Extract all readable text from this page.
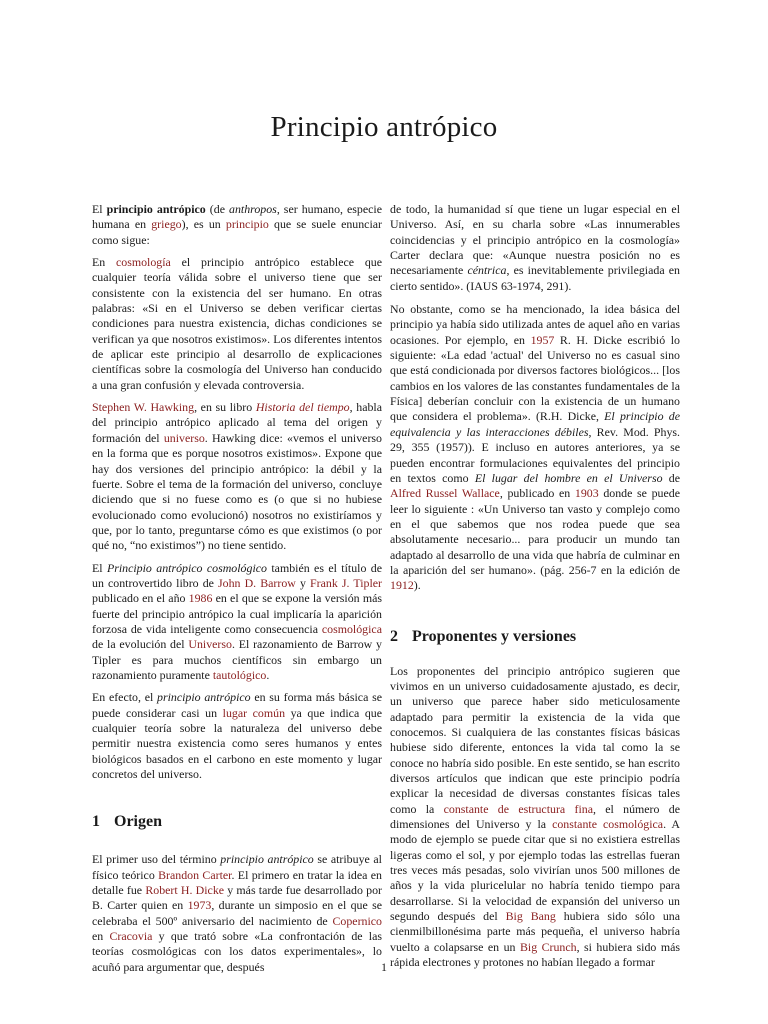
Principio antrópico

El principio antrópico (de anthropos, ser humano, especie humana en griego), es un principio que se suele enunciar como sigue:

En cosmología el principio antrópico establece que cualquier teoría válida sobre el universo tiene que ser consistente con la existencia del ser humano. En otras palabras: «Si en el Universo se deben verificar ciertas condiciones para nuestra existencia, dichas condiciones se verifican ya que nosotros existimos». Los diferentes intentos de aplicar este principio al desarrollo de explicaciones científicas sobre la cosmología del Universo han conducido a una gran confusión y elevada controversia.

Stephen W. Hawking, en su libro Historia del tiempo, habla del principio antrópico aplicado al tema del origen y formación del universo. Hawking dice: «vemos el universo en la forma que es porque nosotros existimos». Expone que hay dos versiones del principio antrópico: la débil y la fuerte. Sobre el tema de la formación del universo, concluye diciendo que si no fuese como es (o que si no hubiese evolucionado como evolucionó) nosotros no existiríamos y que, por lo tanto, preguntarse cómo es que existimos (o por qué no, “no existimos”) no tiene sentido.

El Principio antrópico cosmológico también es el título de un controvertido libro de John D. Barrow y Frank J. Tipler publicado en el año 1986 en el que se expone la versión más fuerte del principio antrópico la cual implicaría la aparición forzosa de vida inteligente como consecuencia cosmológica de la evolución del Universo. El razonamiento de Barrow y Tipler es para muchos científicos sin embargo un razonamiento puramente tautológico.

En efecto, el principio antrópico en su forma más básica se puede considerar casi un lugar común ya que indica que cualquier teoría sobre la naturaleza del universo debe permitir nuestra existencia como seres humanos y entes biológicos basados en el carbono en este momento y lugar concretos del universo.

1 Origen

El primer uso del término principio antrópico se atribuye al físico teórico Brandon Carter. El primero en tratar la idea en detalle fue Robert H. Dicke y más tarde fue desarrollado por B. Carter quien en 1973, durante un simposio en el que se celebraba el 500º aniversario del nacimiento de Copernico en Cracovia y que trató sobre «La confrontación de las teorías cosmológicas con los datos experimentales», lo acuñó para argumentar que, después

de todo, la humanidad sí que tiene un lugar especial en el Universo. Así, en su charla sobre «Las innumerables coincidencias y el principio antrópico en la cosmología» Carter declara que: «Aunque nuestra posición no es necesariamente céntrica, es inevitablemente privilegiada en cierto sentido». (IAUS 63-1974, 291).

No obstante, como se ha mencionado, la idea básica del principio ya había sido utilizada antes de aquel año en varias ocasiones. Por ejemplo, en 1957 R. H. Dicke escribió lo siguiente: «La edad 'actual' del Universo no es casual sino que está condicionada por diversos factores biológicos... [los cambios en los valores de las constantes fundamentales de la Física] deberían concluir con la existencia de un humano que considera el problema». (R.H. Dicke, El principio de equivalencia y las interacciones débiles, Rev. Mod. Phys. 29, 355 (1957)). E incluso en autores anteriores, ya se pueden encontrar formulaciones equivalentes del principio en textos como El lugar del hombre en el Universo de Alfred Russel Wallace, publicado en 1903 donde se puede leer lo siguiente : «Un Universo tan vasto y complejo como en el que sabemos que nos rodea puede que sea absolutamente necesario... para producir un mundo tan adaptado al desarrollo de una vida que habría de culminar en la aparición del ser humano». (pág. 256-7 en la edición de 1912).

2 Proponentes y versiones

Los proponentes del principio antrópico sugieren que vivimos en un universo cuidadosamente ajustado, es decir, un universo que parece haber sido meticulosamente adaptado para permitir la existencia de la vida que conocemos. Si cualquiera de las constantes físicas básicas hubiese sido diferente, entonces la vida tal como la se conoce no habría sido posible. En este sentido, se han escrito diversos artículos que indican que este principio podría explicar la necesidad de diversas constantes físicas tales como la constante de estructura fina, el número de dimensiones del Universo y la constante cosmológica. A modo de ejemplo se puede citar que si no existiera estrellas ligeras como el sol, y por ejemplo todas las estrellas fueran tres veces más pesadas, solo vivirían unos 500 millones de años y la vida pluricelular no habría tenido tiempo para desarrollarse. Si la velocidad de expansión del universo un segundo después del Big Bang hubiera sido sólo una cienmilbillonésima parte más pequeña, el universo habría vuelto a colapsarse en un Big Crunch, si hubiera sido más rápida electrones y protones no habían llegado a formar

1
